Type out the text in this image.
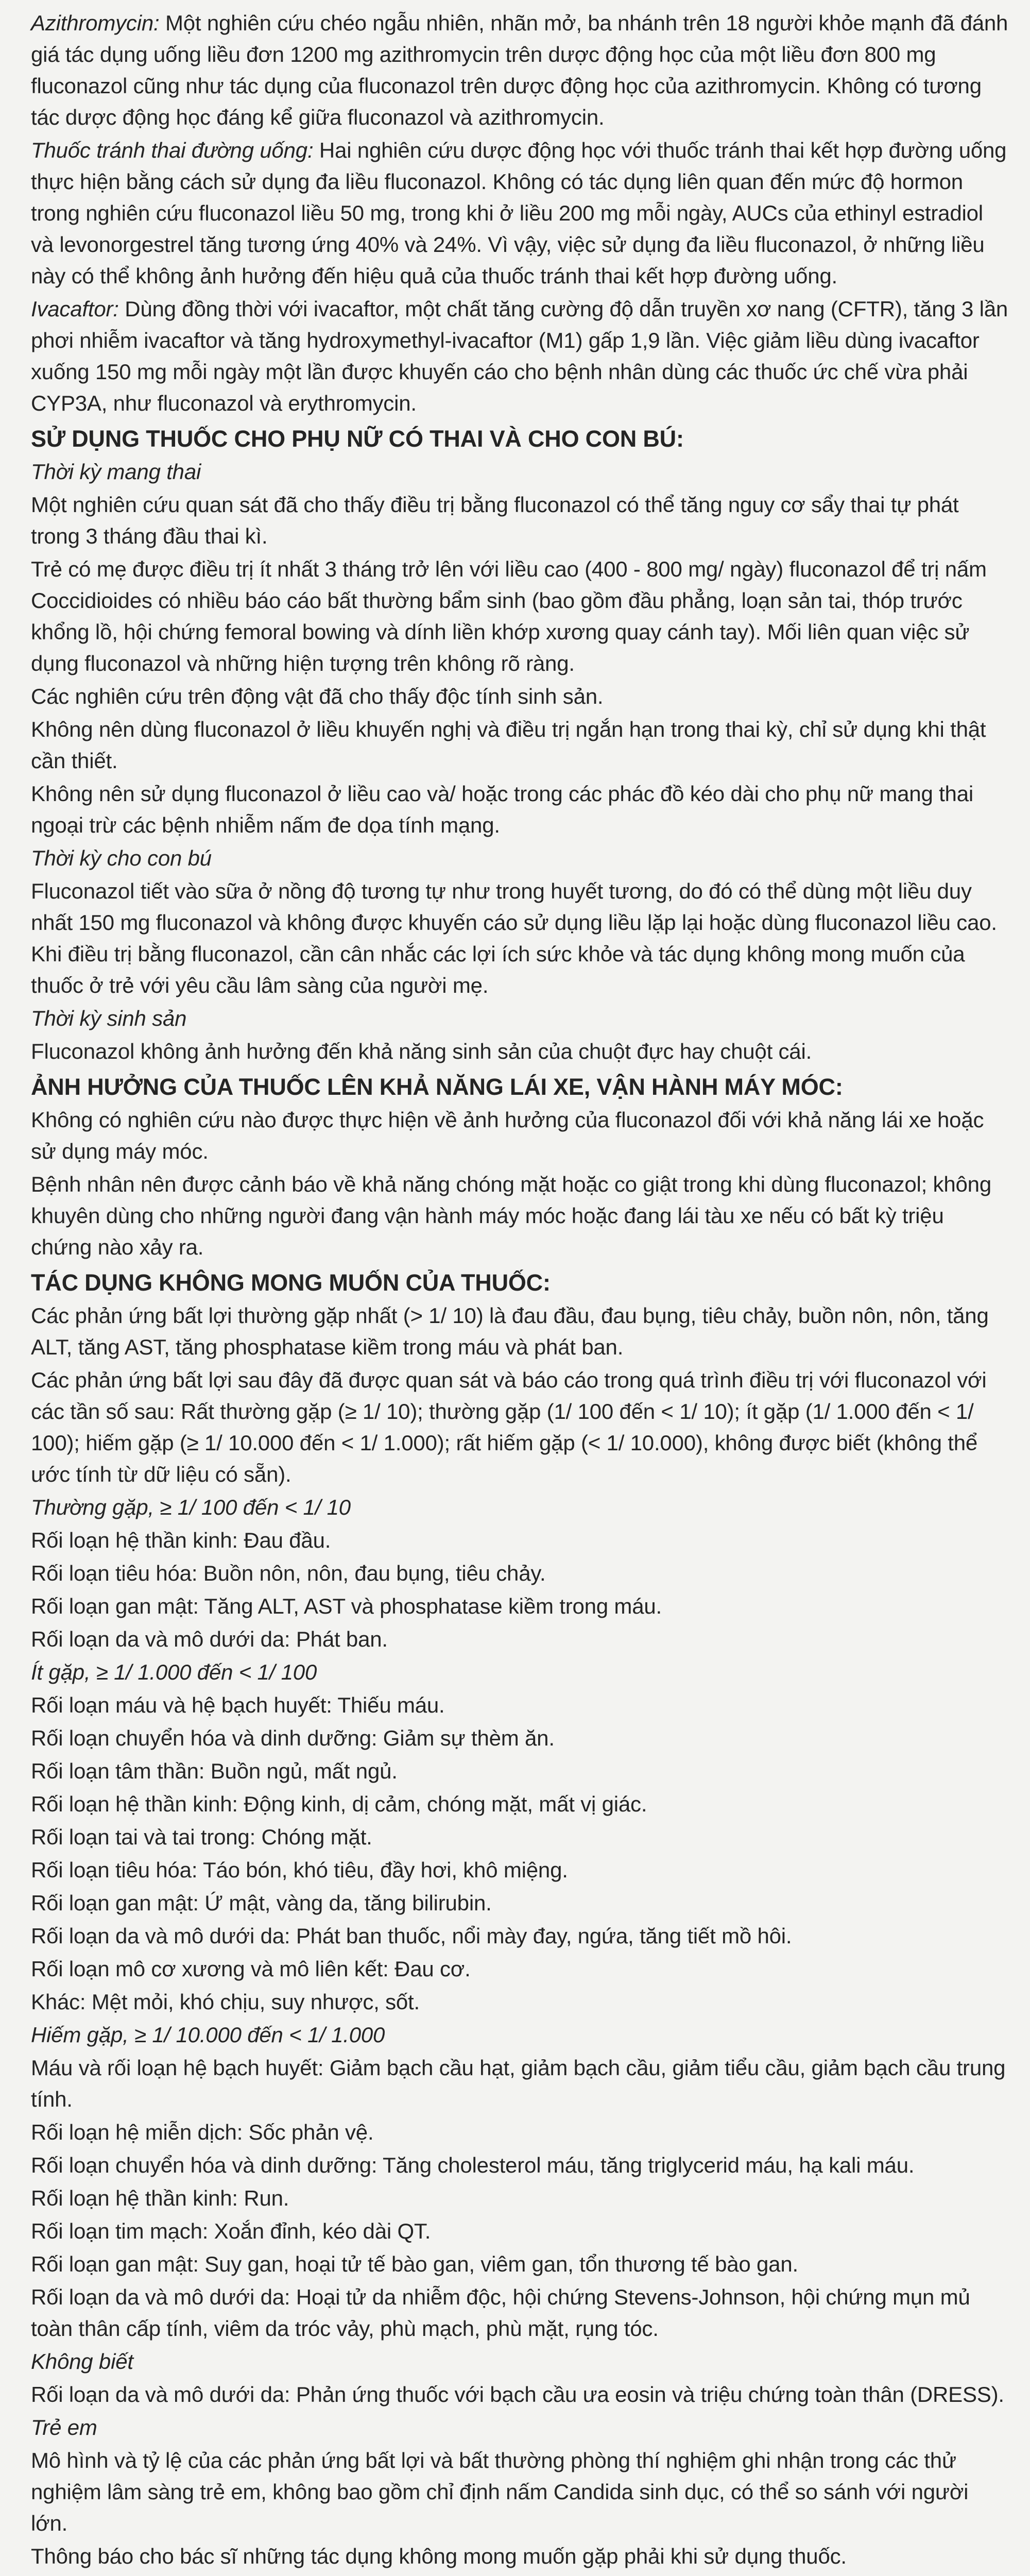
Azithromycin: Một nghiên cứu chéo ngẫu nhiên, nhãn mở, ba nhánh trên 18 người khỏe mạnh đã đánh giá tác dụng uống liều đơn 1200 mg azithromycin trên dược động học của một liều đơn 800 mg fluconazol cũng như tác dụng của fluconazol trên dược động học của azithromycin. Không có tương tác dược động học đáng kể giữa fluconazol và azithromycin.

Thuốc tránh thai đường uống: Hai nghiên cứu dược động học với thuốc tránh thai kết hợp đường uống thực hiện bằng cách sử dụng đa liều fluconazol. Không có tác dụng liên quan đến mức độ hormon trong nghiên cứu fluconazol liều 50 mg, trong khi ở liều 200 mg mỗi ngày, AUCs của ethinyl estradiol và levonorgestrel tăng tương ứng 40% và 24%. Vì vậy, việc sử dụng đa liều fluconazol, ở những liều này có thể không ảnh hưởng đến hiệu quả của thuốc tránh thai kết hợp đường uống.

Ivacaftor: Dùng đồng thời với ivacaftor, một chất tăng cường độ dẫn truyền xơ nang (CFTR), tăng 3 lần phơi nhiễm ivacaftor và tăng hydroxymethyl-ivacaftor (M1) gấp 1,9 lần. Việc giảm liều dùng ivacaftor xuống 150 mg mỗi ngày một lần được khuyến cáo cho bệnh nhân dùng các thuốc ức chế vừa phải CYP3A, như fluconazol và erythromycin.

SỬ DỤNG THUỐC CHO PHỤ NỮ CÓ THAI VÀ CHO CON BÚ:

Thời kỳ mang thai

Một nghiên cứu quan sát đã cho thấy điều trị bằng fluconazol có thể tăng nguy cơ sẩy thai tự phát trong 3 tháng đầu thai kì.

Trẻ có mẹ được điều trị ít nhất 3 tháng trở lên với liều cao (400 - 800 mg/ ngày) fluconazol để trị nấm Coccidioides có nhiều báo cáo bất thường bẩm sinh (bao gồm đầu phẳng, loạn sản tai, thóp trước khổng lồ, hội chứng femoral bowing và dính liền khớp xương quay cánh tay). Mối liên quan việc sử dụng fluconazol và những hiện tượng trên không rõ ràng.

Các nghiên cứu trên động vật đã cho thấy độc tính sinh sản.

Không nên dùng fluconazol ở liều khuyến nghị và điều trị ngắn hạn trong thai kỳ, chỉ sử dụng khi thật cần thiết.

Không nên sử dụng fluconazol ở liều cao và/ hoặc trong các phác đồ kéo dài cho phụ nữ mang thai ngoại trừ các bệnh nhiễm nấm đe dọa tính mạng.

Thời kỳ cho con bú

Fluconazol tiết vào sữa ở nồng độ tương tự như trong huyết tương, do đó có thể dùng một liều duy nhất 150 mg fluconazol và không được khuyến cáo sử dụng liều lặp lại hoặc dùng fluconazol liều cao. Khi điều trị bằng fluconazol, cần cân nhắc các lợi ích sức khỏe và tác dụng không mong muốn của thuốc ở trẻ với yêu cầu lâm sàng của người mẹ.

Thời kỳ sinh sản

Fluconazol không ảnh hưởng đến khả năng sinh sản của chuột đực hay chuột cái.

ẢNH HƯỞNG CỦA THUỐC LÊN KHẢ NĂNG LÁI XE, VẬN HÀNH MÁY MÓC:

Không có nghiên cứu nào được thực hiện về ảnh hưởng của fluconazol đối với khả năng lái xe hoặc sử dụng máy móc.

Bệnh nhân nên được cảnh báo về khả năng chóng mặt hoặc co giật trong khi dùng fluconazol; không khuyên dùng cho những người đang vận hành máy móc hoặc đang lái tàu xe nếu có bất kỳ triệu chứng nào xảy ra.

TÁC DỤNG KHÔNG MONG MUỐN CỦA THUỐC:

Các phản ứng bất lợi thường gặp nhất (> 1/ 10) là đau đầu, đau bụng, tiêu chảy, buồn nôn, nôn, tăng ALT, tăng AST, tăng phosphatase kiềm trong máu và phát ban.

Các phản ứng bất lợi sau đây đã được quan sát và báo cáo trong quá trình điều trị với fluconazol với các tần số sau: Rất thường gặp (≥ 1/ 10); thường gặp (1/ 100 đến < 1/ 10); ít gặp (1/ 1.000 đến < 1/ 100); hiếm gặp (≥ 1/ 10.000 đến < 1/ 1.000); rất hiếm gặp (< 1/ 10.000), không được biết (không thể ước tính từ dữ liệu có sẵn).

Thường gặp, ≥ 1/ 100 đến < 1/ 10

Rối loạn hệ thần kinh: Đau đầu.

Rối loạn tiêu hóa: Buồn nôn, nôn, đau bụng, tiêu chảy.

Rối loạn gan mật: Tăng ALT, AST và phosphatase kiềm trong máu.

Rối loạn da và mô dưới da: Phát ban.

Ít gặp, ≥ 1/ 1.000 đến < 1/ 100

Rối loạn máu và hệ bạch huyết: Thiếu máu.

Rối loạn chuyển hóa và dinh dưỡng: Giảm sự thèm ăn.

Rối loạn tâm thần: Buồn ngủ, mất ngủ.

Rối loạn hệ thần kinh: Động kinh, dị cảm, chóng mặt, mất vị giác.

Rối loạn tai và tai trong: Chóng mặt.

Rối loạn tiêu hóa: Táo bón, khó tiêu, đầy hơi, khô miệng.

Rối loạn gan mật: Ứ mật, vàng da, tăng bilirubin.

Rối loạn da và mô dưới da: Phát ban thuốc, nổi mày đay, ngứa, tăng tiết mồ hôi.

Rối loạn mô cơ xương và mô liên kết: Đau cơ.

Khác: Mệt mỏi, khó chịu, suy nhược, sốt.

Hiếm gặp, ≥ 1/ 10.000 đến < 1/ 1.000

Máu và rối loạn hệ bạch huyết: Giảm bạch cầu hạt, giảm bạch cầu, giảm tiểu cầu, giảm bạch cầu trung tính.

Rối loạn hệ miễn dịch: Sốc phản vệ.

Rối loạn chuyển hóa và dinh dưỡng: Tăng cholesterol máu, tăng triglycerid máu, hạ kali máu.

Rối loạn hệ thần kinh: Run.

Rối loạn tim mạch: Xoắn đỉnh, kéo dài QT.

Rối loạn gan mật: Suy gan, hoại tử tế bào gan, viêm gan, tổn thương tế bào gan.

Rối loạn da và mô dưới da: Hoại tử da nhiễm độc, hội chứng Stevens-Johnson, hội chứng mụn mủ toàn thân cấp tính, viêm da tróc vảy, phù mạch, phù mặt, rụng tóc.

Không biết

Rối loạn da và mô dưới da: Phản ứng thuốc với bạch cầu ưa eosin và triệu chứng toàn thân (DRESS).

Trẻ em

Mô hình và tỷ lệ của các phản ứng bất lợi và bất thường phòng thí nghiệm ghi nhận trong các thử nghiệm lâm sàng trẻ em, không bao gồm chỉ định nấm Candida sinh dục, có thể so sánh với người lớn.

Thông báo cho bác sĩ những tác dụng không mong muốn gặp phải khi sử dụng thuốc.
